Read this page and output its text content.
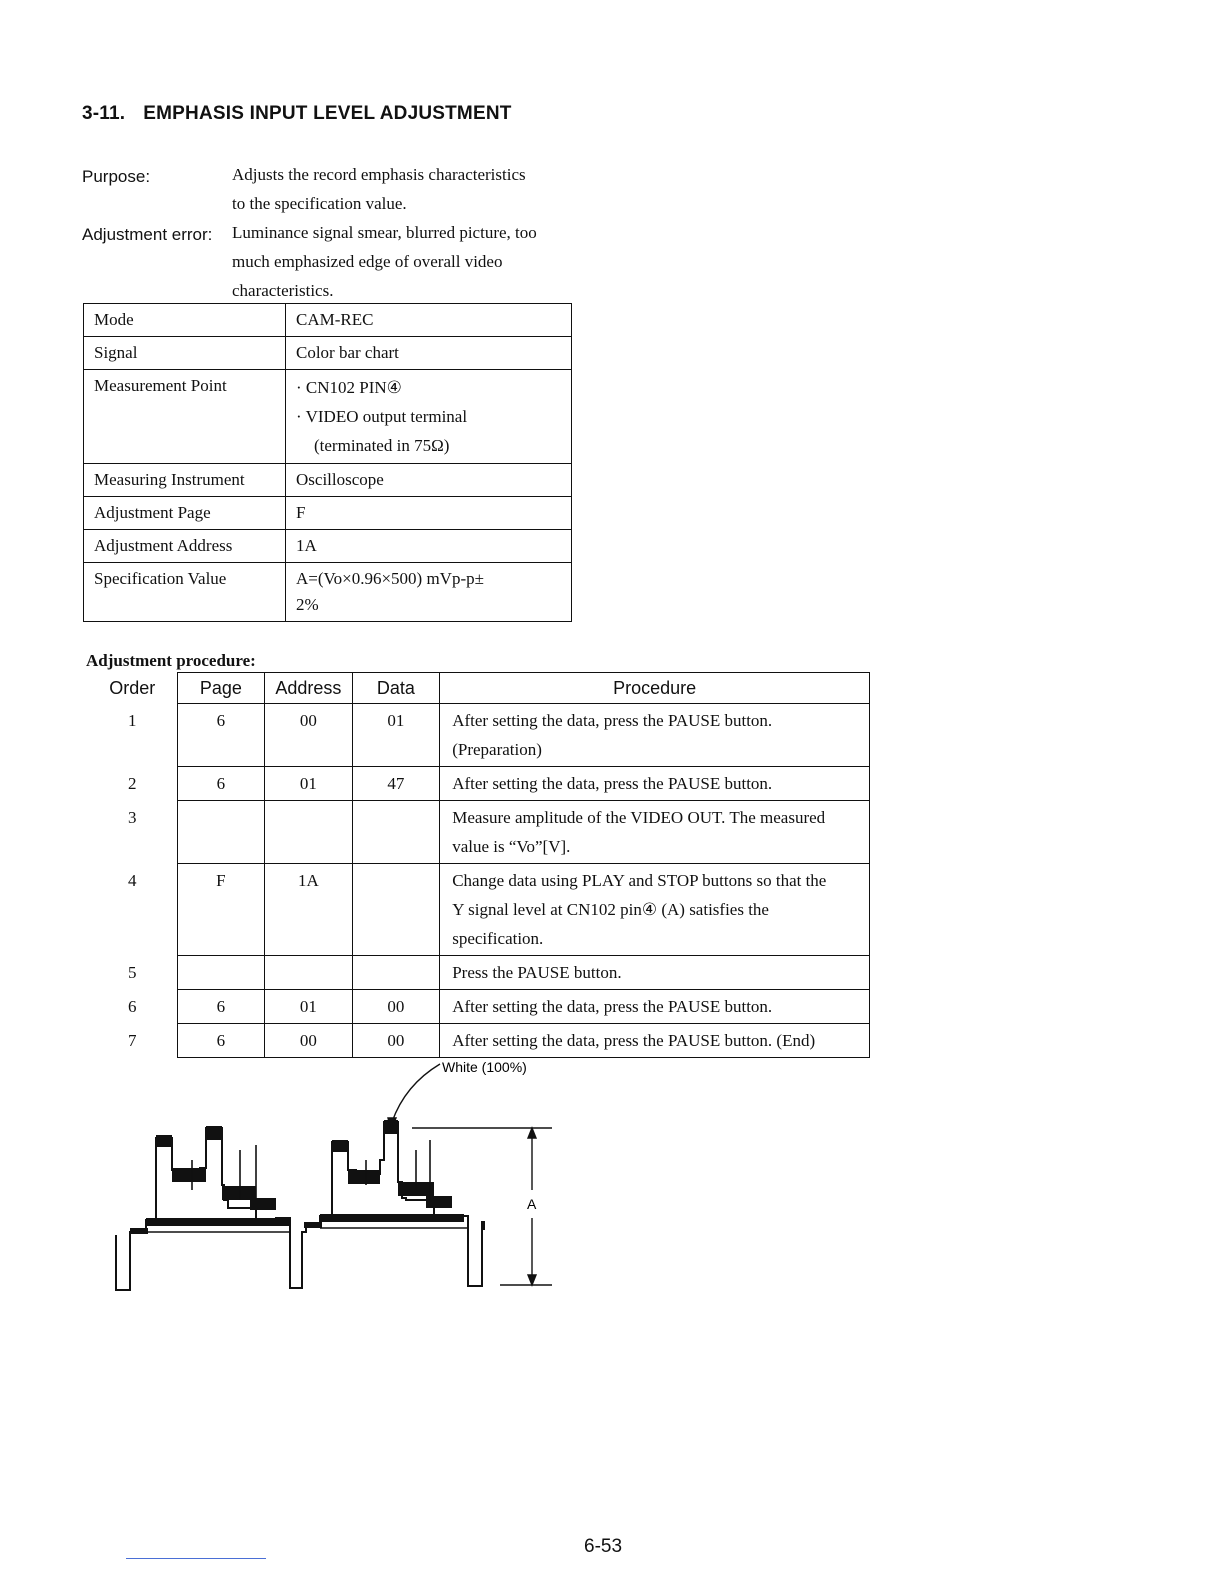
3-11. EMPHASIS INPUT LEVEL ADJUSTMENT
Purpose:	Adjusts the record emphasis characteristics
to the specification value.
Adjustment error: Luminance signal smear, blurred picture, too
much emphasized edge of overall video
characteristics.
Mode	CAM-REC

Signal	Color bar chart

Measurement Point	· CN102 PIN④
· VIDEO output terminal
(terminated in 75Ω)

Measuring Instrument	Oscilloscope

Adjustment Page	F

Adjustment Address	1A

Specification Value	A=(Vo×0.96×500) mVp-p±
2%
Adjustment procedure:
Order	Page	Address	Data	Procedure
1	6	00	01	After setting the data, press the PAUSE button.
(Preparation)

2	6	01	47	After setting the data, press the PAUSE button.

3				Measure amplitude of the VIDEO OUT. The measured
value is “Vo”[V].

4	F	1A		Change data using PLAY and STOP buttons so that the
Y signal level at CN102 pin④ (A) satisfies the
specification.

5				Press the PAUSE button.

6	6	01	00	After setting the data, press the PAUSE button.

7	6	00	00	After setting the data, press the PAUSE button. (End)
White (100%)
A
6-53
